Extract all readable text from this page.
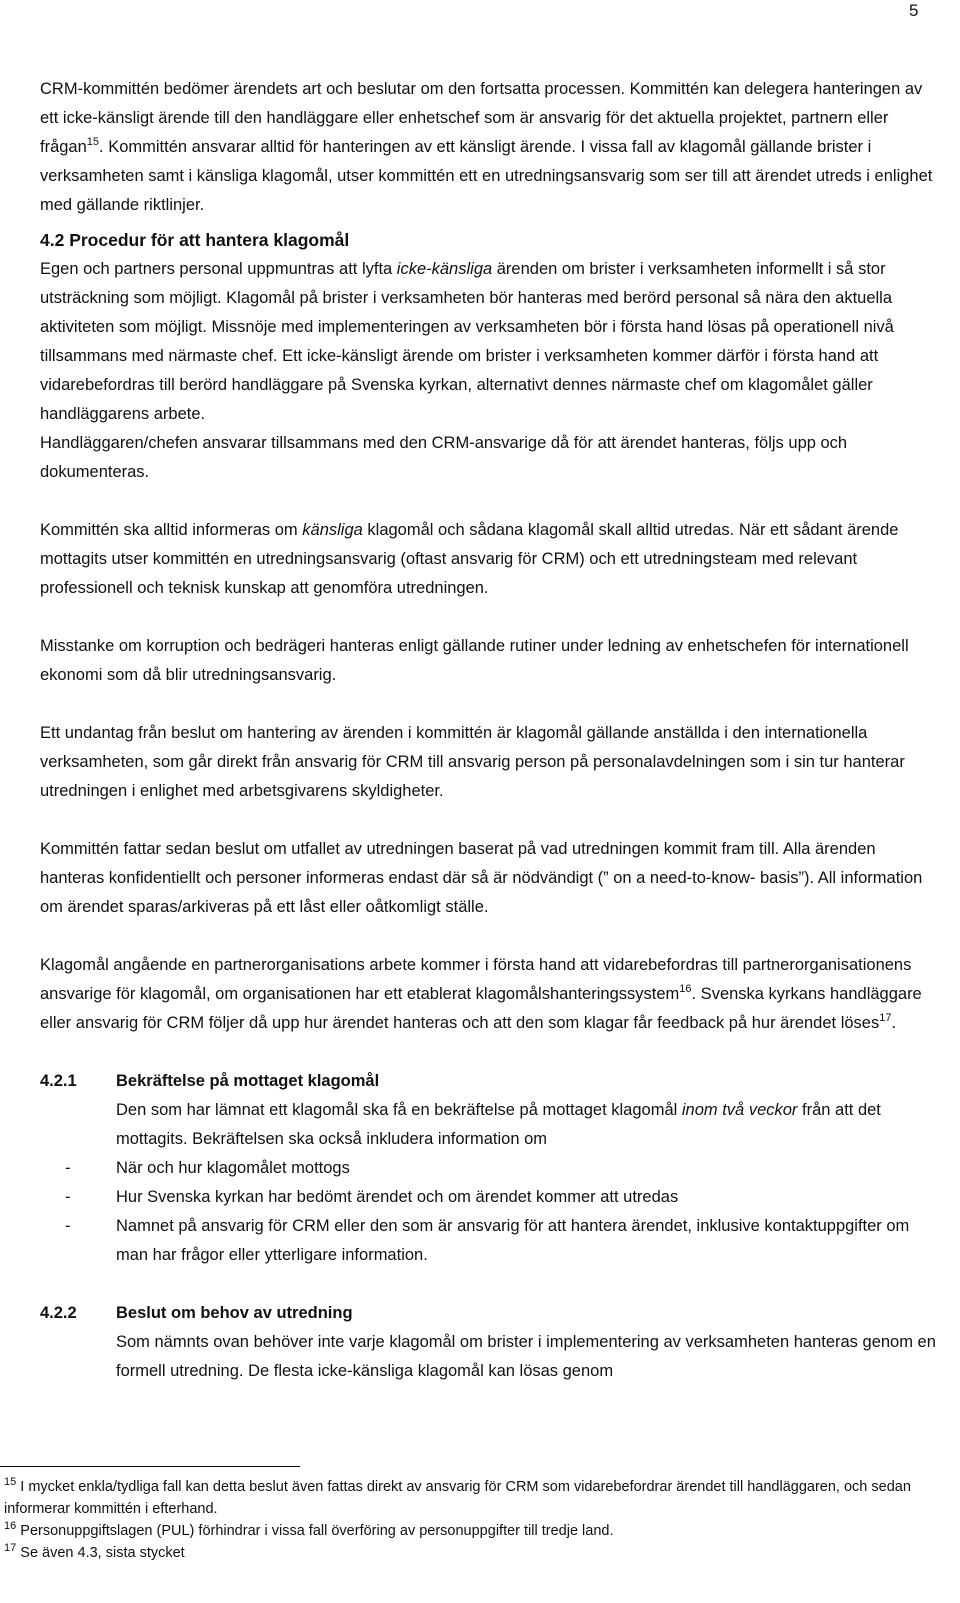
5

CRM-kommittén bedömer ärendets art och beslutar om den fortsatta processen. Kommittén kan delegera hanteringen av ett icke-känsligt ärende till den handläggare eller enhetschef som är ansvarig för det aktuella projektet, partnern eller frågan$^{15}$. Kommittén ansvarar alltid för hanteringen av ett känsligt ärende. I vissa fall av klagomål gällande brister i verksamheten samt i känsliga klagomål, utser kommittén ett en utredningsansvarig som ser till att ärendet utreds i enlighet med gällande riktlinjer.

4.2 Procedur för att hantera klagomål

Egen och partners personal uppmuntras att lyfta icke-känsliga ärenden om brister i verksamheten informellt i så stor utsträckning som möjligt. Klagomål på brister i verksamheten bör hanteras med berörd personal så nära den aktuella aktiviteten som möjligt. Missnöje med implementeringen av verksamheten bör i första hand lösas på operationell nivå tillsammans med närmaste chef. Ett icke-känsligt ärende om brister i verksamheten kommer därför i första hand att vidarebefordras till berörd handläggare på Svenska kyrkan, alternativt dennes närmaste chef om klagomålet gäller handläggarens arbete.

Handläggaren/chefen ansvarar tillsammans med den CRM-ansvarige då för att ärendet hanteras, följs upp och dokumenteras.

Kommittén ska alltid informeras om känsliga klagomål och sådana klagomål skall alltid utredas. När ett sådant ärende mottagits utser kommittén en utredningsansvarig (oftast ansvarig för CRM) och ett utredningsteam med relevant professionell och teknisk kunskap att genomföra utredningen.

Misstanke om korruption och bedrägeri hanteras enligt gällande rutiner under ledning av enhetschefen för internationell ekonomi som då blir utredningsansvarig.

Ett undantag från beslut om hantering av ärenden i kommittén är klagomål gällande anställda i den internationella verksamheten, som går direkt från ansvarig för CRM till ansvarig person på personalavdelningen som i sin tur hanterar utredningen i enlighet med arbetsgivarens skyldigheter.

Kommittén fattar sedan beslut om utfallet av utredningen baserat på vad utredningen kommit fram till. Alla ärenden hanteras konfidentiellt och personer informeras endast där så är nödvändigt (” on a need-to-know- basis”). All information om ärendet sparas/arkiveras på ett låst eller oåtkomligt ställe.

Klagomål angående en partnerorganisations arbete kommer i första hand att vidarebefordras till partnerorganisationens ansvarige för klagomål, om organisationen har ett etablerat klagomålshanteringssystem$^{16}$. Svenska kyrkans handläggare eller ansvarig för CRM följer då upp hur ärendet hanteras och att den som klagar får feedback på hur ärendet löses$^{17}$.

4.2.1	Bekräftelse på mottaget klagomål

Den som har lämnat ett klagomål ska få en bekräftelse på mottaget klagomål inom två veckor från att det mottagits. Bekräftelsen ska också inkludera information om

-	När och hur klagomålet mottogs
-	Hur Svenska kyrkan har bedömt ärendet och om ärendet kommer att utredas
-	Namnet på ansvarig för CRM eller den som är ansvarig för att hantera ärendet, inklusive kontaktuppgifter om man har frågor eller ytterligare information.
4.2.2	Beslut om behov av utredning

Som nämnts ovan behöver inte varje klagomål om brister i implementering av verksamheten hanteras genom en formell utredning. De flesta icke-känsliga klagomål kan lösas genom

$^{15}$ I mycket enkla/tydliga fall kan detta beslut även fattas direkt av ansvarig för CRM som vidarebefordrar ärendet till handläggaren, och sedan informerar kommittén i efterhand.

$^{16}$ Personuppgiftslagen (PUL) förhindrar i vissa fall överföring av personuppgifter till tredje land.

$^{17}$ Se även 4.3, sista stycket
